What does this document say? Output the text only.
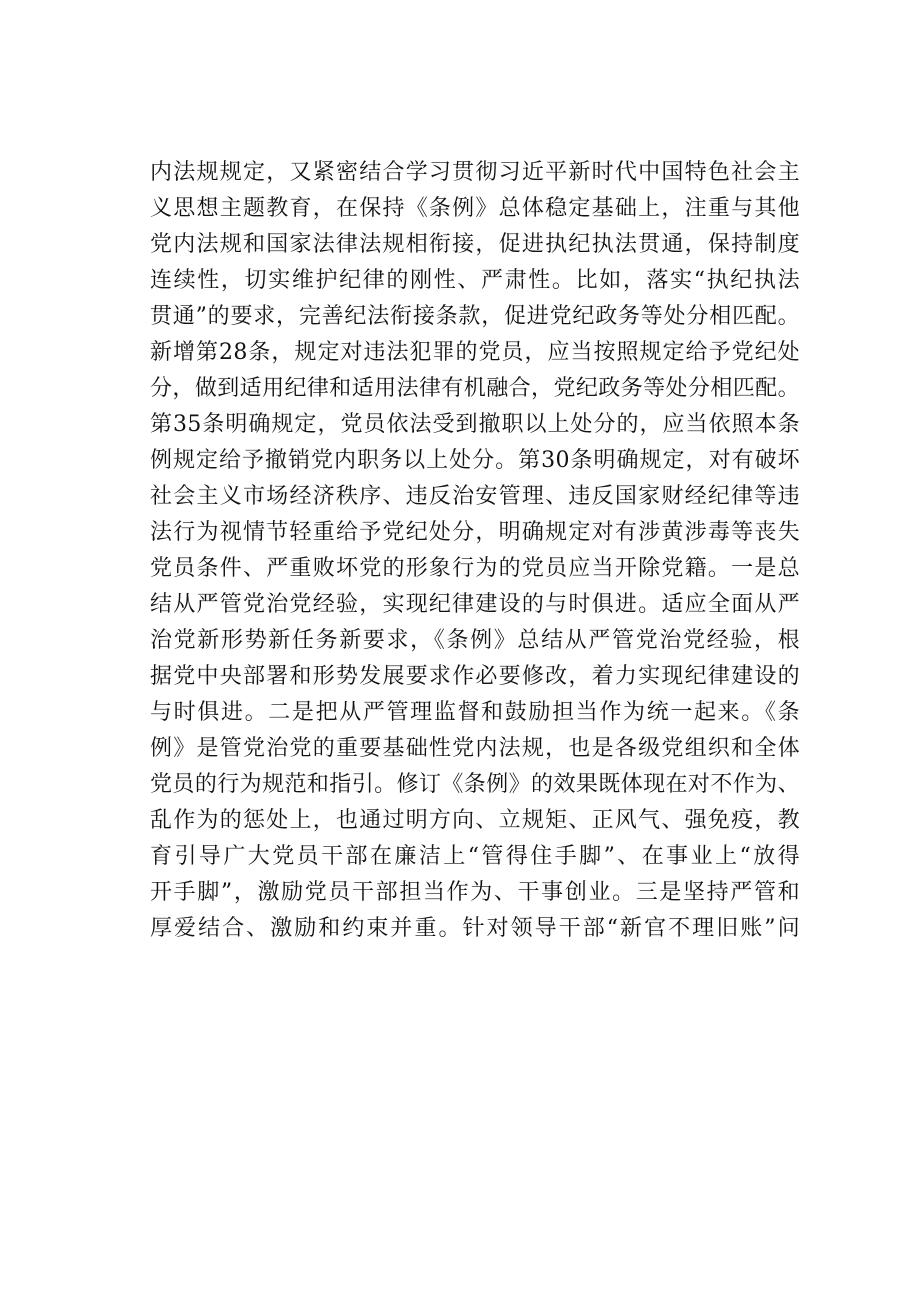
内法规规定，又紧密结合学习贯彻习近平新时代中国特色社会主
义思想主题教育，在保持《条例》总体稳定基础上，注重与其他
党内法规和国家法律法规相衔接，促进执纪执法贯通，保持制度
连续性，切实维护纪律的刚性、严肃性。比如，落实“执纪执法
贯通”的要求，完善纪法衔接条款，促进党纪政务等处分相匹配。
新增第28条，规定对违法犯罪的党员，应当按照规定给予党纪处
分，做到适用纪律和适用法律有机融合，党纪政务等处分相匹配。
第35条明确规定，党员依法受到撤职以上处分的，应当依照本条
例规定给予撤销党内职务以上处分。第30条明确规定，对有破坏
社会主义市场经济秩序、违反治安管理、违反国家财经纪律等违
法行为视情节轻重给予党纪处分，明确规定对有涉黄涉毒等丧失
党员条件、严重败坏党的形象行为的党员应当开除党籍。一是总
结从严管党治党经验，实现纪律建设的与时俱进。适应全面从严
治党新形势新任务新要求，《条例》总结从严管党治党经验，根
据党中央部署和形势发展要求作必要修改，着力实现纪律建设的
与时俱进。二是把从严管理监督和鼓励担当作为统一起来。《条
例》是管党治党的重要基础性党内法规，也是各级党组织和全体
党员的行为规范和指引。修订《条例》的效果既体现在对不作为、
乱作为的惩处上，也通过明方向、立规矩、正风气、强免疫，教
育引导广大党员干部在廉洁上“管得住手脚”、在事业上“放得
开手脚”，激励党员干部担当作为、干事创业。三是坚持严管和
厚爱结合、激励和约束并重。针对领导干部“新官不理旧账”问
